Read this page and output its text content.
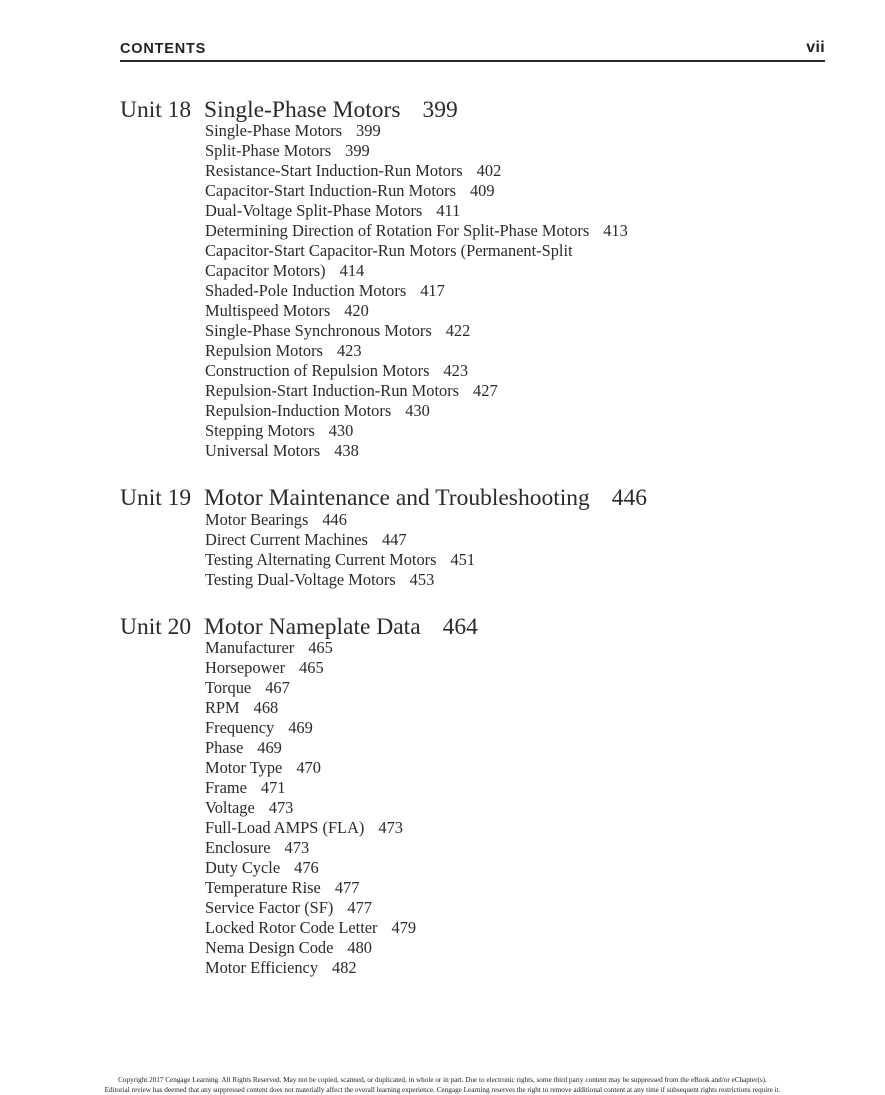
CONTENTS	vii
Unit 18 Single-Phase Motors 399
Single-Phase Motors 399
Split-Phase Motors 399
Resistance-Start Induction-Run Motors 402
Capacitor-Start Induction-Run Motors 409
Dual-Voltage Split-Phase Motors 411
Determining Direction of Rotation For Split-Phase Motors 413
Capacitor-Start Capacitor-Run Motors (Permanent-Split
Capacitor Motors) 414
Shaded-Pole Induction Motors 417
Multispeed Motors 420
Single-Phase Synchronous Motors 422
Repulsion Motors 423
Construction of Repulsion Motors 423
Repulsion-Start Induction-Run Motors 427
Repulsion-Induction Motors 430
Stepping Motors 430
Universal Motors 438
Unit 19 Motor Maintenance and Troubleshooting 446
Motor Bearings 446
Direct Current Machines 447
Testing Alternating Current Motors 451
Testing Dual-Voltage Motors 453
Unit 20 Motor Nameplate Data 464
Manufacturer 465
Horsepower 465
Torque 467
RPM 468
Frequency 469
Phase 469
Motor Type 470
Frame 471
Voltage 473
Full-Load AMPS (FLA) 473
Enclosure 473
Duty Cycle 476
Temperature Rise 477
Service Factor (SF) 477
Locked Rotor Code Letter 479
Nema Design Code 480
Motor Efficiency 482
Copyright 2017 Cengage Learning. All Rights Reserved. May not be copied, scanned, or duplicated, in whole or in part. Due to electronic rights, some third party content may be suppressed from the eBook and/or eChapter(s).
Editorial review has deemed that any suppressed content does not materially affect the overall learning experience. Cengage Learning reserves the right to remove additional content at any time if subsequent rights restrictions require it.
